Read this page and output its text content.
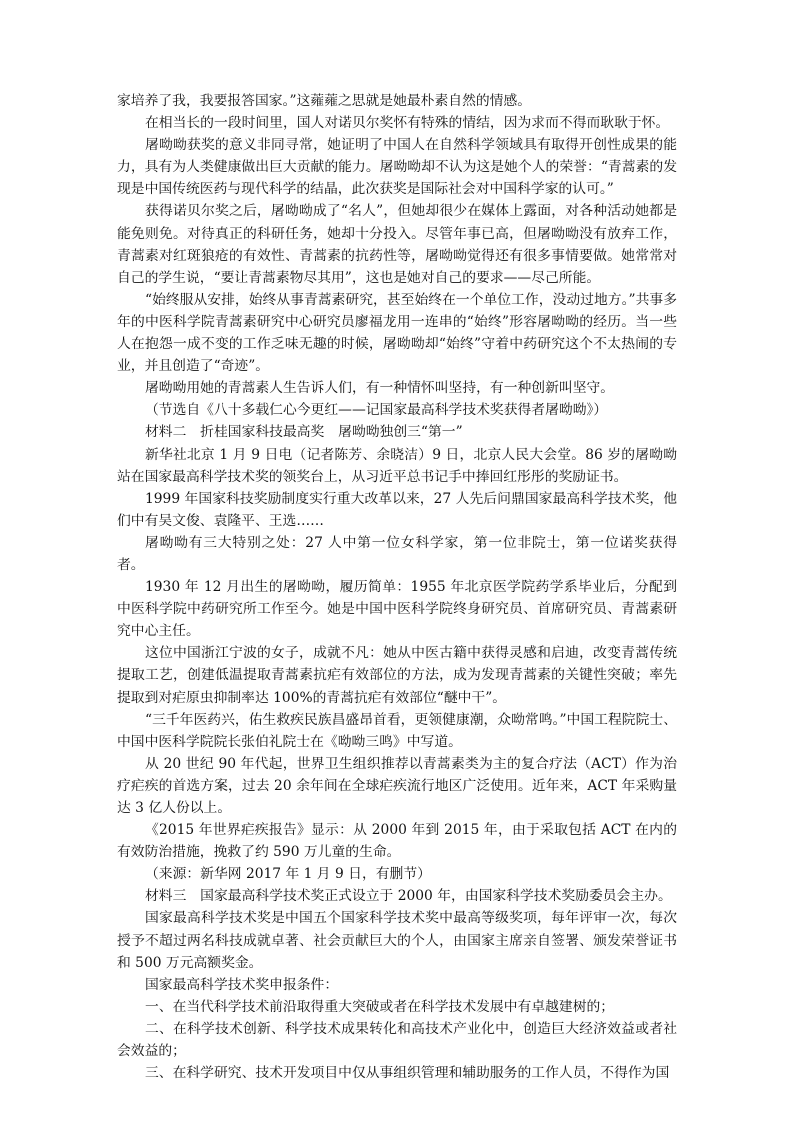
家培养了我，我要报答国家。”这蕹蕹之思就是她最朴素自然的情感。

在相当长的一段时间里，国人对诺贝尔奖怀有特殊的情结，因为求而不得而耿耿于怀。

屠呦呦获奖的意义非同寻常，她证明了中国人在自然科学领域具有取得开创性成果的能力，具有为人类健康做出巨大贡献的能力。屠呦呦却不认为这是她个人的荣誉：“青蒿素的发现是中国传统医药与现代科学的结晶，此次获奖是国际社会对中国科学家的认可。”

获得诺贝尔奖之后，屠呦呦成了“名人”，但她却很少在媒体上露面，对各种活动她都是能免则免。对待真正的科研任务，她却十分投入。尽管年事已高，但屠呦呦没有放弃工作，青蒿素对红斑狼疮的有效性、青蒿素的抗药性等，屠呦呦觉得还有很多事情要做。她常常对自己的学生说，“要让青蒿素物尽其用”，这也是她对自己的要求——尽己所能。

“始终服从安排，始终从事青蒿素研究，甚至始终在一个单位工作，没动过地方。”共事多年的中医科学院青蒿素研究中心研究员廖福龙用一连串的“始终”形容屠呦呦的经历。当一些人在抱怨一成不变的工作乏味无趣的时候，屠呦呦却“始终”守着中药研究这个不太热闹的专业，并且创造了“奇迹”。

屠呦呦用她的青蒿素人生告诉人们，有一种情怀叫坚持，有一种创新叫坚守。

（节选自《八十多载仁心今更红——记国家最高科学技术奖获得者屠呦呦》）

材料二　折桂国家科技最高奖　屠呦呦独创三“第一”

新华社北京 1 月 9 日电（记者陈芳、余晓洁）9 日，北京人民大会堂。86 岁的屠呦呦站在国家最高科学技术奖的领奖台上，从习近平总书记手中捧回红彤彤的奖励证书。

1999 年国家科技奖励制度实行重大改革以来，27 人先后问鼎国家最高科学技术奖，他们中有吴文俊、袁隆平、王选……

屠呦呦有三大特别之处：27 人中第一位女科学家，第一位非院士，第一位诺奖获得者。

1930 年 12 月出生的屠呦呦，履历简单：1955 年北京医学院药学系毕业后，分配到中医科学院中药研究所工作至今。她是中国中医科学院终身研究员、首席研究员、青蒿素研究中心主任。

这位中国浙江宁波的女子，成就不凡：她从中医古籍中获得灵感和启迪，改变青蒿传统提取工艺，创建低温提取青蒿素抗疟有效部位的方法，成为发现青蒿素的关键性突破；率先提取到对疟原虫抑制率达 100%的青蒿抗疟有效部位“醚中干”。

“三千年医药兴，佑生救疾民族昌盛昂首看，更领健康潮，众呦常鸣。”中国工程院院士、中国中医科学院院长张伯礼院士在《呦呦三鸣》中写道。

从 20 世纪 90 年代起，世界卫生组织推荐以青蒿素类为主的复合疗法（ACT）作为治疗疟疾的首选方案，过去 20 余年间在全球疟疾流行地区广泛使用。近年来，ACT 年采购量达 3 亿人份以上。

《2015 年世界疟疾报告》显示：从 2000 年到 2015 年，由于采取包括 ACT 在内的有效防治措施，挽救了约 590 万儿童的生命。

（来源：新华网 2017 年 1 月 9 日，有删节）

材料三　国家最高科学技术奖正式设立于 2000 年，由国家科学技术奖励委员会主办。

国家最高科学技术奖是中国五个国家科学技术奖中最高等级奖项，每年评审一次，每次授予不超过两名科技成就卓著、社会贡献巨大的个人，由国家主席亲自签署、颁发荣誉证书和 500 万元高额奖金。

国家最高科学技术奖申报条件：

一、在当代科学技术前沿取得重大突破或者在科学技术发展中有卓越建树的；

二、在科学技术创新、科学技术成果转化和高技术产业化中，创造巨大经济效益或者社会效益的；

三、在科学研究、技术开发项目中仅从事组织管理和辅助服务的工作人员，不得作为国
